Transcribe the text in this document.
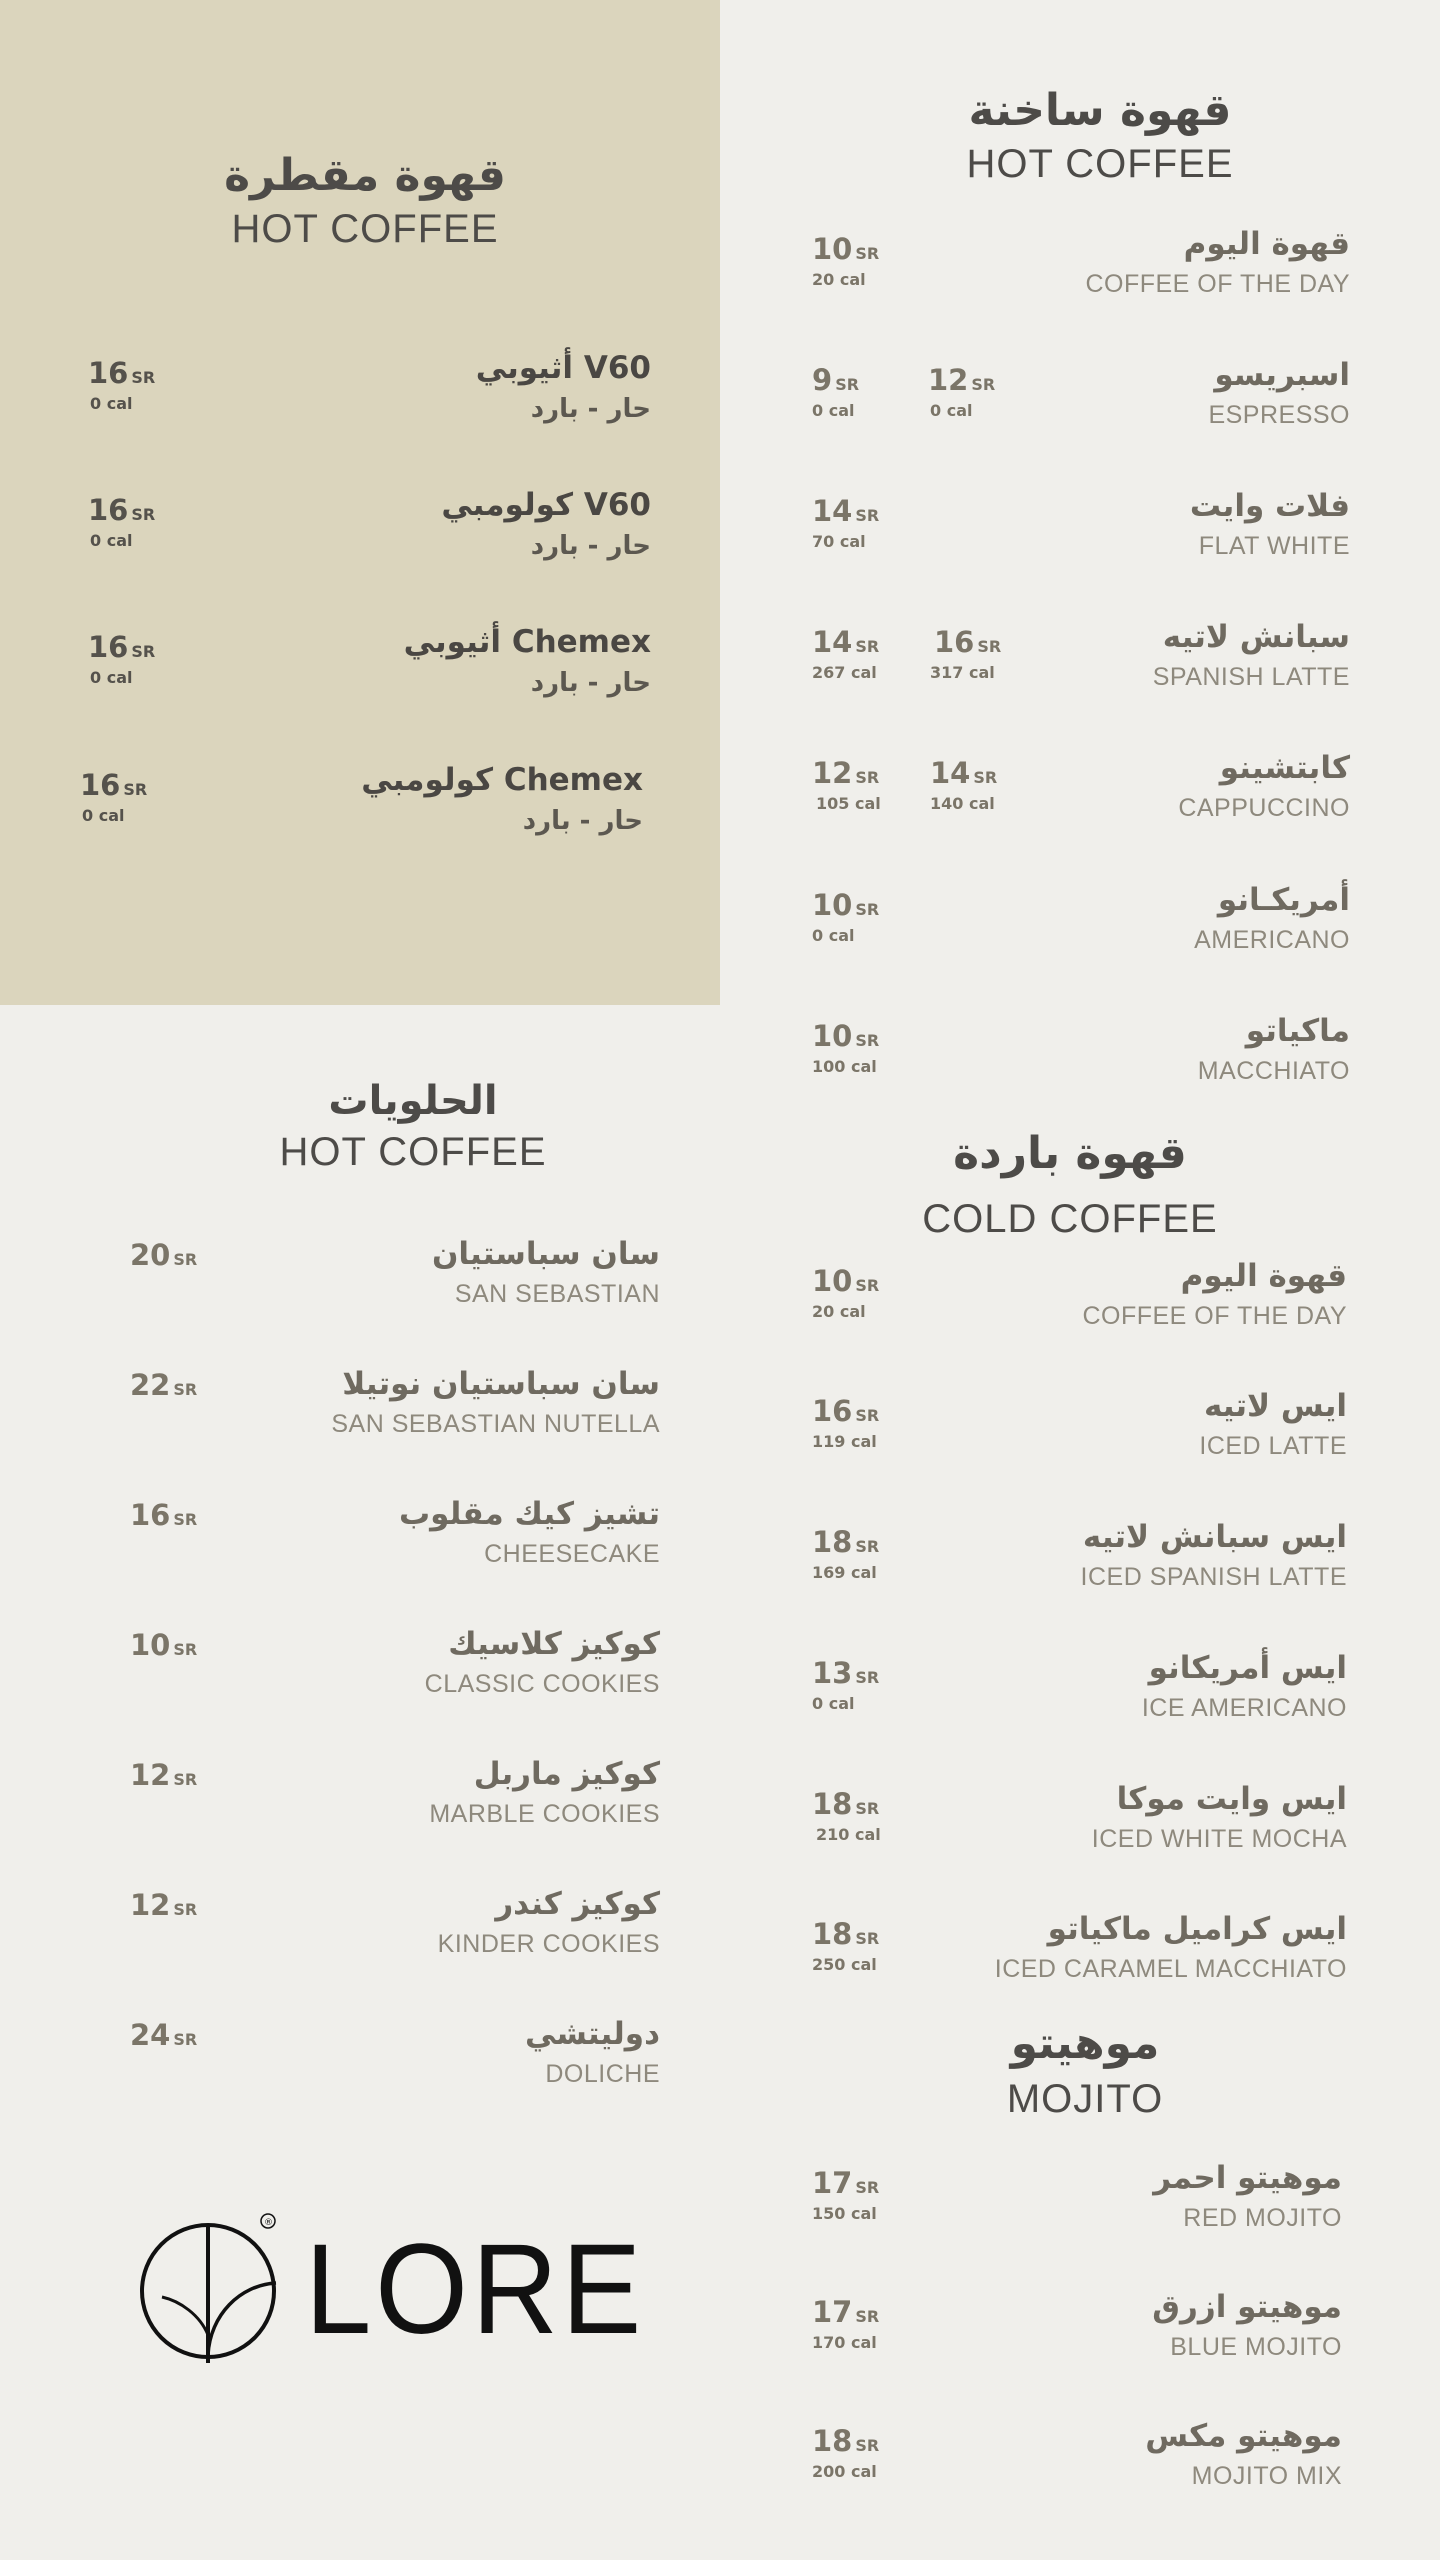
قهوة مقطرة
HOT COFFEE
V60 أثيوبي
حار - بارد
16 SR
0 cal
V60 كولومبي
حار - بارد
16 SR
0 cal
Chemex أثيوبي
حار - بارد
16 SR
0 cal
Chemex كولومبي
حار - بارد
16 SR
0 cal
قهوة ساخنة
HOT COFFEE
قهوة اليوم
COFFEE OF THE DAY
10 SR
20 cal
اسبريسو
ESPRESSO
9 SR
0 cal
12 SR
0 cal
فلات وايت
FLAT WHITE
14 SR
70 cal
سبانش لاتيه
SPANISH LATTE
14 SR
267 cal
16 SR
317 cal
كابتشينو
CAPPUCCINO
12 SR
105 cal
14 SR
140 cal
أمريكـانو
AMERICANO
10 SR
0 cal
ماكياتو
MACCHIATO
10 SR
100 cal
الحلويات
HOT COFFEE
سان سباستيان
SAN SEBASTIAN
20 SR
سان سباستيان نوتيلا
SAN SEBASTIAN NUTELLA
22 SR
تشيز كيك مقلوب
CHEESECAKE
16 SR
كوكيز كلاسيك
CLASSIC COOKIES
10 SR
كوكيز ماربل
MARBLE COOKIES
12 SR
كوكيز كندر
KINDER COOKIES
12 SR
دوليتشي
DOLICHE
24 SR
قهوة باردة
COLD COFFEE
قهوة اليوم
COFFEE OF THE DAY
10 SR
20 cal
ايس لاتيه
ICED LATTE
16 SR
119 cal
ايس سبانش لاتيه
ICED SPANISH LATTE
18 SR
169 cal
ايس أمريكانو
ICE AMERICANO
13 SR
0 cal
ايس وايت موكا
ICED WHITE MOCHA
18 SR
210 cal
ايس كراميل ماكياتو
ICED CARAMEL MACCHIATO
18 SR
250 cal
موهيتو
MOJITO
موهيتو احمر
RED MOJITO
17 SR
150 cal
موهيتو ازرق
BLUE MOJITO
17 SR
170 cal
موهيتو مكس
MOJITO MIX
18 SR
200 cal
® LORE
